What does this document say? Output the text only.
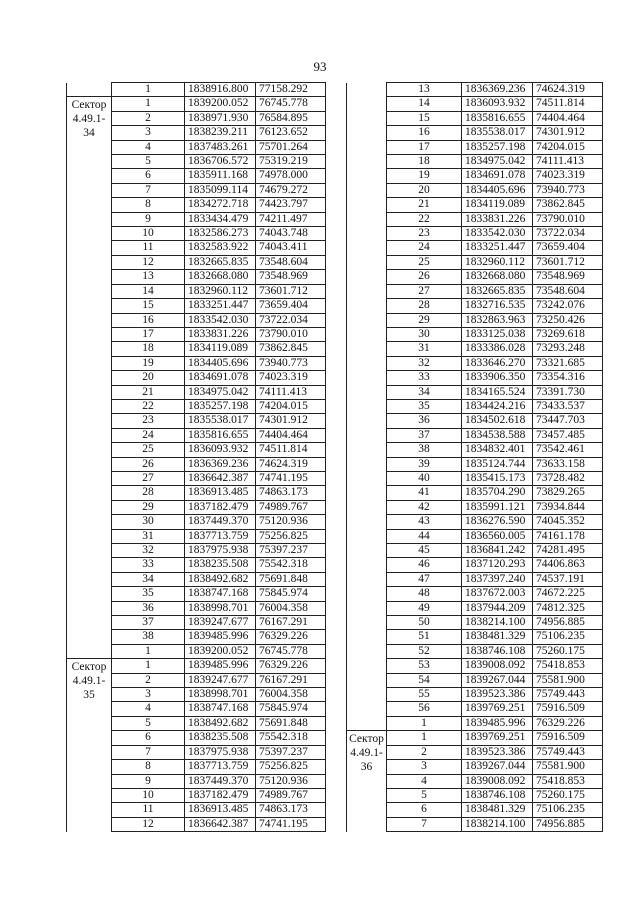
93
	1	1838916.800	77158.292

Сектор 4.49.1-34	1	1839200.052	76745.778
	2	1838971.930	76584.895
	3	1838239.211	76123.652
	4	1837483.261	75701.264
	5	1836706.572	75319.219
	6	1835911.168	74978.000
	7	1835099.114	74679.272
	8	1834272.718	74423.797
	9	1833434.479	74211.497
	10	1832586.273	74043.748
	11	1832583.922	74043.411
	12	1832665.835	73548.604
	13	1832668.080	73548.969
	14	1832960.112	73601.712
	15	1833251.447	73659.404
	16	1833542.030	73722.034
	17	1833831.226	73790.010
	18	1834119.089	73862.845
	19	1834405.696	73940.773
	20	1834691.078	74023.319
	21	1834975.042	74111.413
	22	1835257.198	74204.015
	23	1835538.017	74301.912
	24	1835816.655	74404.464
	25	1836093.932	74511.814
	26	1836369.236	74624.319
	27	1836642.387	74741.195
	28	1836913.485	74863.173
	29	1837182.479	74989.767
	30	1837449.370	75120.936
	31	1837713.759	75256.825
	32	1837975.938	75397.237
	33	1838235.508	75542.318
	34	1838492.682	75691.848
	35	1838747.168	75845.974
	36	1838998.701	76004.358
	37	1839247.677	76167.291
	38	1839485.996	76329.226
	1	1839200.052	76745.778

Сектор 4.49.1-35	1	1839485.996	76329.226
	2	1839247.677	76167.291
	3	1838998.701	76004.358
	4	1838747.168	75845.974
	5	1838492.682	75691.848
	6	1838235.508	75542.318
	7	1837975.938	75397.237
	8	1837713.759	75256.825
	9	1837449.370	75120.936
	10	1837182.479	74989.767
	11	1836913.485	74863.173
	12	1836642.387	74741.195
	13	1836369.236	74624.319
	14	1836093.932	74511.814
	15	1835816.655	74404.464
	16	1835538.017	74301.912
	17	1835257.198	74204.015
	18	1834975.042	74111.413
	19	1834691.078	74023.319
	20	1834405.696	73940.773
	21	1834119.089	73862.845
	22	1833831.226	73790.010
	23	1833542.030	73722.034
	24	1833251.447	73659.404
	25	1832960.112	73601.712
	26	1832668.080	73548.969
	27	1832665.835	73548.604
	28	1832716.535	73242.076
	29	1832863.963	73250.426
	30	1833125.038	73269.618
	31	1833386.028	73293.248
	32	1833646.270	73321.685
	33	1833906.350	73354.316
	34	1834165.524	73391.730
	35	1834424.216	73433.537
	36	1834502.618	73447.703
	37	1834538.588	73457.485
	38	1834832.401	73542.461
	39	1835124.744	73633.158
	40	1835415.173	73728.482
	41	1835704.290	73829.265
	42	1835991.121	73934.844
	43	1836276.590	74045.352
	44	1836560.005	74161.178
	45	1836841.242	74281.495
	46	1837120.293	74406.863
	47	1837397.240	74537.191
	48	1837672.003	74672.225
	49	1837944.209	74812.325
	50	1838214.100	74956.885
	51	1838481.329	75106.235
	52	1838746.108	75260.175
	53	1839008.092	75418.853
	54	1839267.044	75581.900
	55	1839523.386	75749.443
	56	1839769.251	75916.509
	1	1839485.996	76329.226

Сектор 4.49.1-36	1	1839769.251	75916.509
	2	1839523.386	75749.443
	3	1839267.044	75581.900
	4	1839008.092	75418.853
	5	1838746.108	75260.175
	6	1838481.329	75106.235
	7	1838214.100	74956.885
